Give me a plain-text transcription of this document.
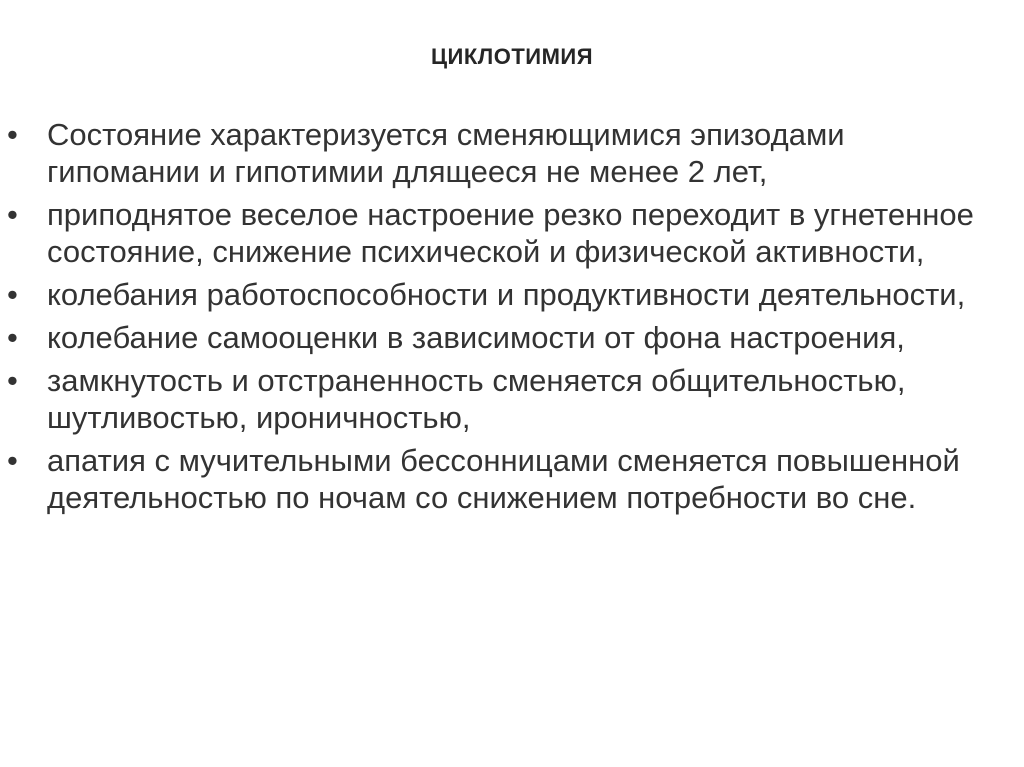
ЦИКЛОТИМИЯ
• Состояние характеризуется сменяющимися эпизодами гипомании и гипотимии длящееся не менее 2 лет,
• приподнятое веселое настроение резко переходит в угнетенное состояние, снижение психической и физической активности,
• колебания работоспособности и продуктивности деятельности,
• колебание самооценки в зависимости от фона настроения,
• замкнутость и отстраненность сменяется общительностью, шутливостью, ироничностью,
• апатия с мучительными бессонницами сменяется повышенной деятельностью по ночам со снижением потребности во сне.
